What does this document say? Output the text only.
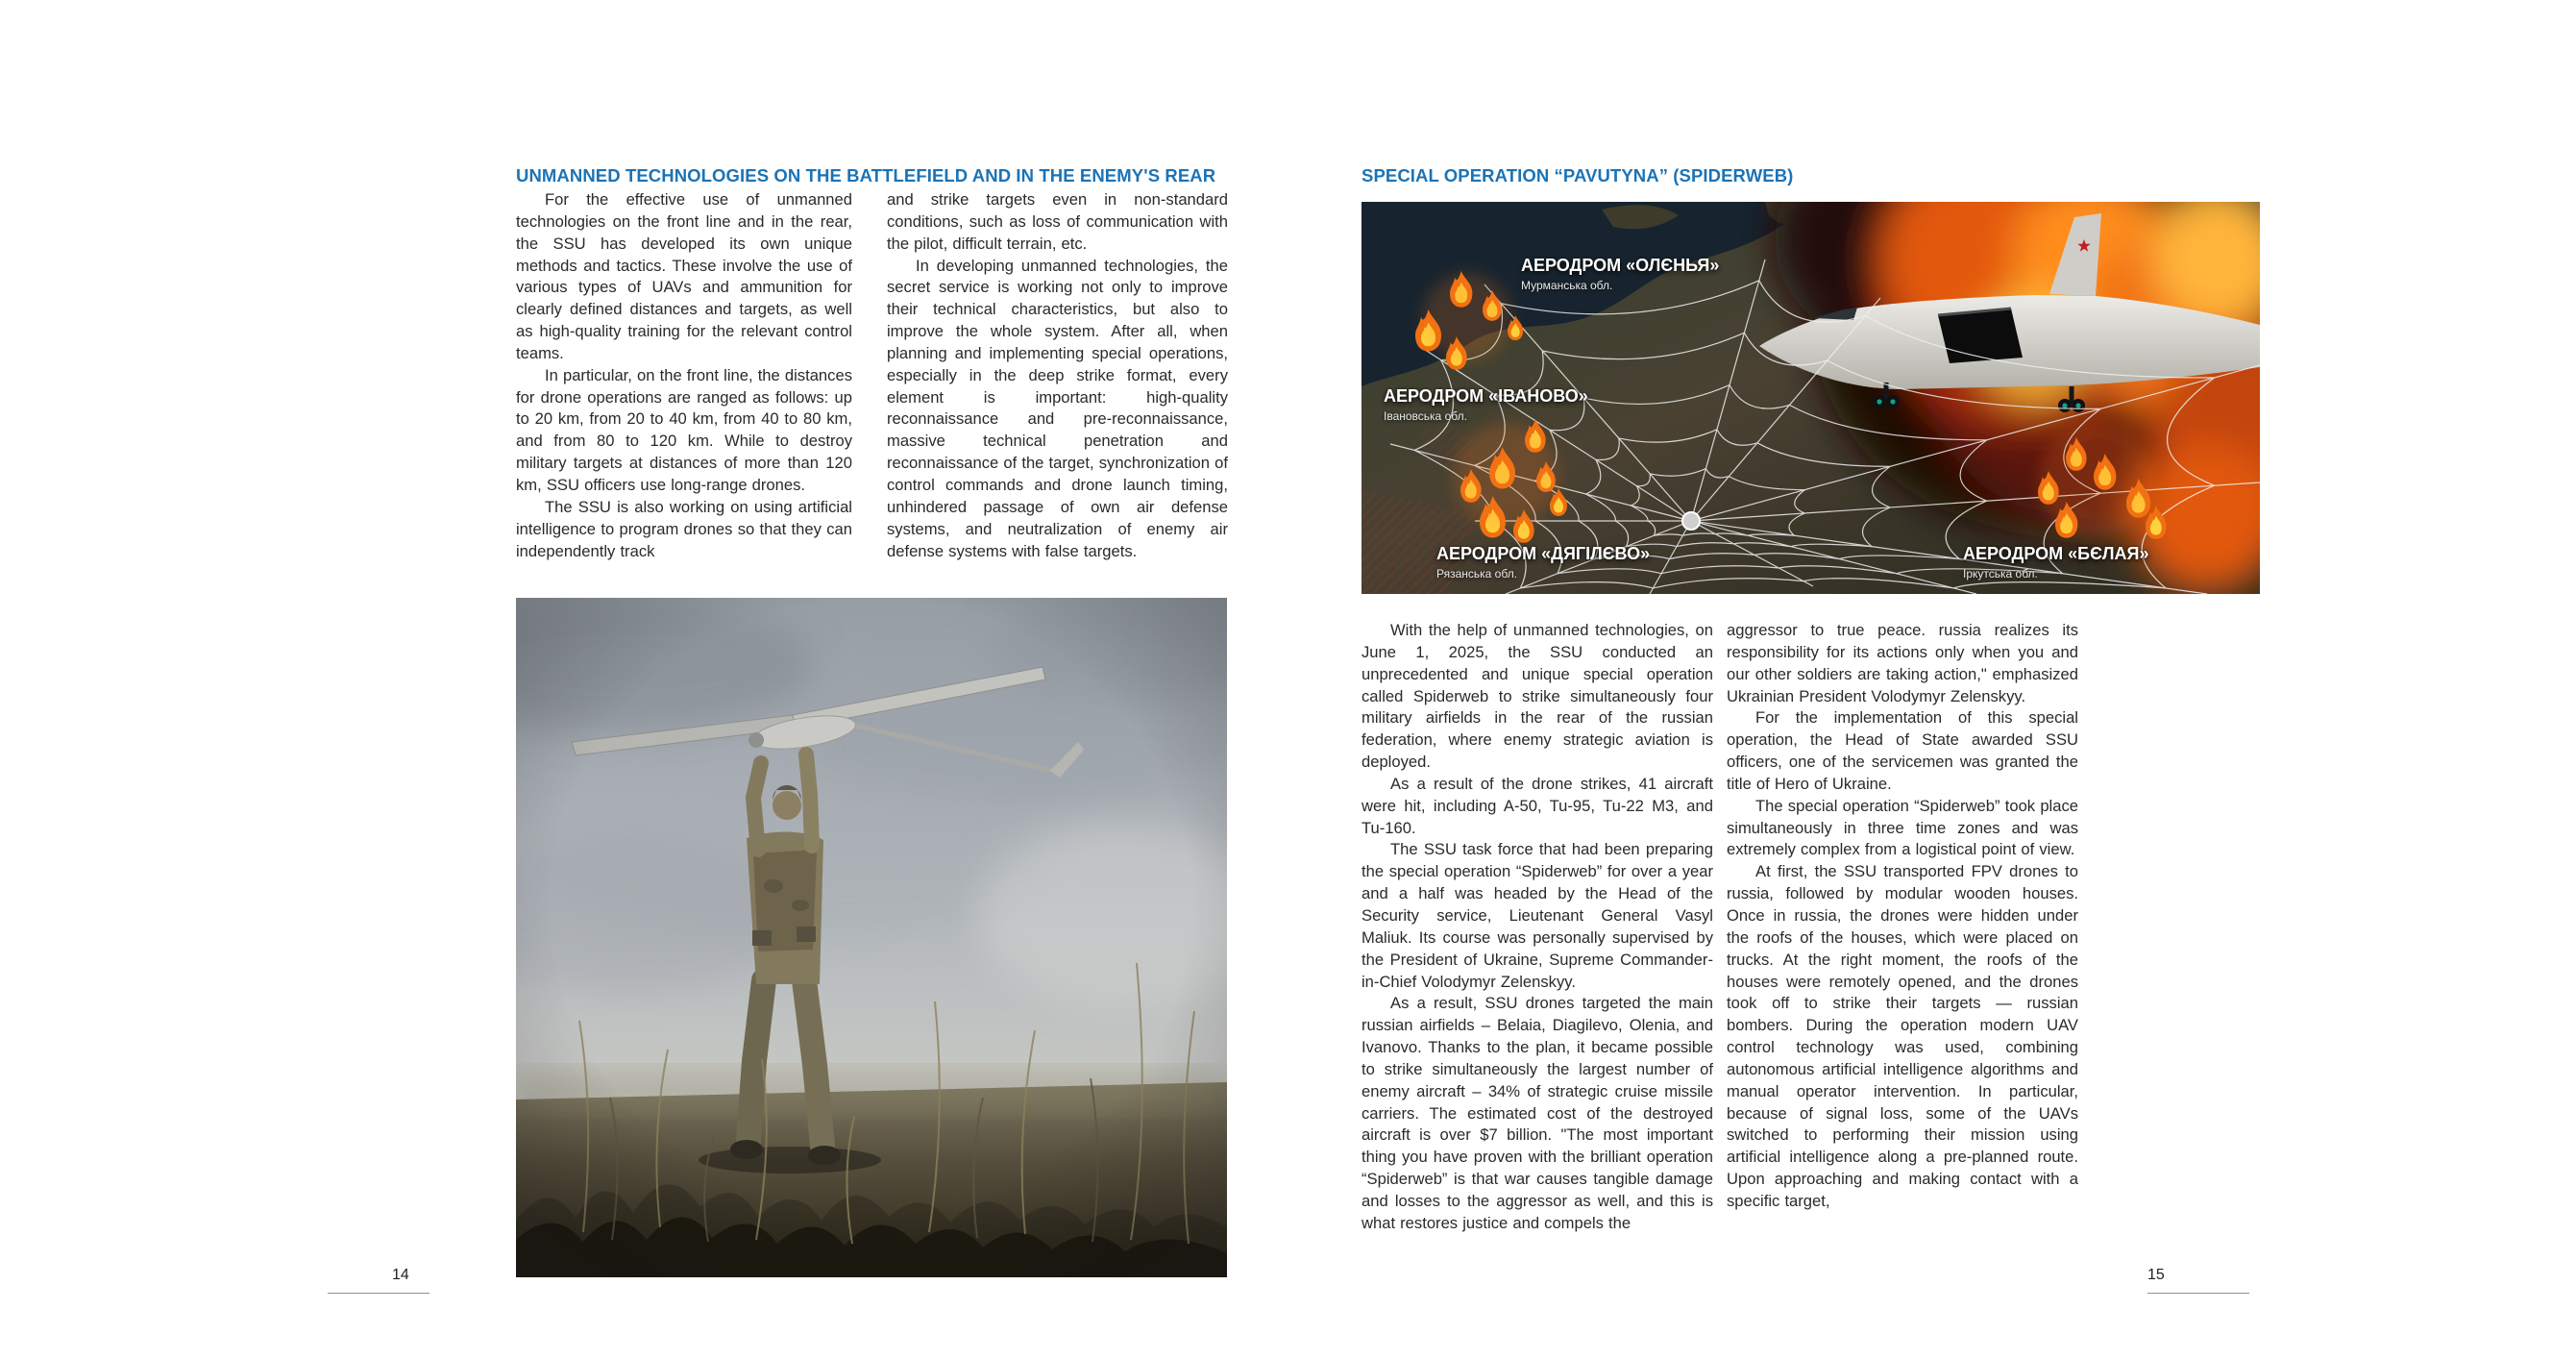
UNMANNED TECHNOLOGIES ON THE BATTLEFIELD AND IN THE ENEMY'S REAR

For the effective use of unmanned technologies on the front line and in the rear, the SSU has developed its own unique methods and tactics. These involve the use of various types of UAVs and ammunition for clearly defined distances and targets, as well as high-quality training for the relevant control teams.

In particular, on the front line, the distances for drone operations are ranged as follows: up to 20 km, from 20 to 40 km, from 40 to 80 km, and from 80 to 120 km. While to destroy military targets at distances of more than 120 km, SSU officers use long-range drones.

The SSU is also working on using artificial intelligence to program drones so that they can independently track

and strike targets even in non-standard conditions, such as loss of communication with the pilot, difficult terrain, etc.

In developing unmanned technologies, the secret service is working not only to improve their technical characteristics, but also to improve the whole system. After all, when planning and implementing special operations, especially in the deep strike format, every element is important: high-quality reconnaissance and pre-reconnaissance, massive technical penetration and reconnaissance of the target, synchronization of control commands and drone launch timing, unhindered passage of own air defense systems, and neutralization of enemy air defense systems with false targets.

14
SPECIAL OPERATION “PAVUTYNA” (SPIDERWEB)
АЕРОДРОМ «ОЛЄНЬЯ»
Мурманська обл.
АЕРОДРОМ «ІВАНОВО»
Івановська обл.
АЕРОДРОМ «ДЯГІЛЄВО»
Рязанська обл.
АЕРОДРОМ «БЄЛАЯ»
Іркутська обл.

With the help of unmanned technologies, on June 1, 2025, the SSU conducted an unprecedented and unique special operation called Spiderweb to strike simultaneously four military airfields in the rear of the russian federation, where enemy strategic aviation is deployed.

As a result of the drone strikes, 41 aircraft were hit, including A-50, Tu-95, Tu-22 M3, and Tu-160.

The SSU task force that had been preparing the special operation “Spiderweb” for over a year and a half was headed by the Head of the Security service, Lieutenant General Vasyl Maliuk. Its course was personally supervised by the President of Ukraine, Supreme Commander-in-Chief Volodymyr Zelenskyy.

As a result, SSU drones targeted the main russian airfields – Belaia, Diagilevo, Olenia, and Ivanovo. Thanks to the plan, it became possible to strike simultaneously the largest number of enemy aircraft – 34% of strategic cruise missile carriers. The estimated cost of the destroyed aircraft is over $7 billion. "The most important thing you have proven with the brilliant operation “Spiderweb” is that war causes tangible damage and losses to the aggressor as well, and this is what restores justice and compels the

aggressor to true peace. russia realizes its responsibility for its actions only when you and our other soldiers are taking action," emphasized Ukrainian President Volodymyr Zelenskyy.

For the implementation of this special operation, the Head of State awarded SSU officers, one of the servicemen was granted the title of Hero of Ukraine.

The special operation “Spiderweb” took place simultaneously in three time zones and was extremely complex from a logistical point of view.

At first, the SSU transported FPV drones to russia, followed by modular wooden houses. Once in russia, the drones were hidden under the roofs of the houses, which were placed on trucks. At the right moment, the roofs of the houses were remotely opened, and the drones took off to strike their targets — russian bombers. During the operation modern UAV control technology was used, combining autonomous artificial intelligence algorithms and manual operator intervention. In particular, because of signal loss, some of the UAVs switched to performing their mission using artificial intelligence along a pre-planned route. Upon approaching and making contact with a specific target,

15
